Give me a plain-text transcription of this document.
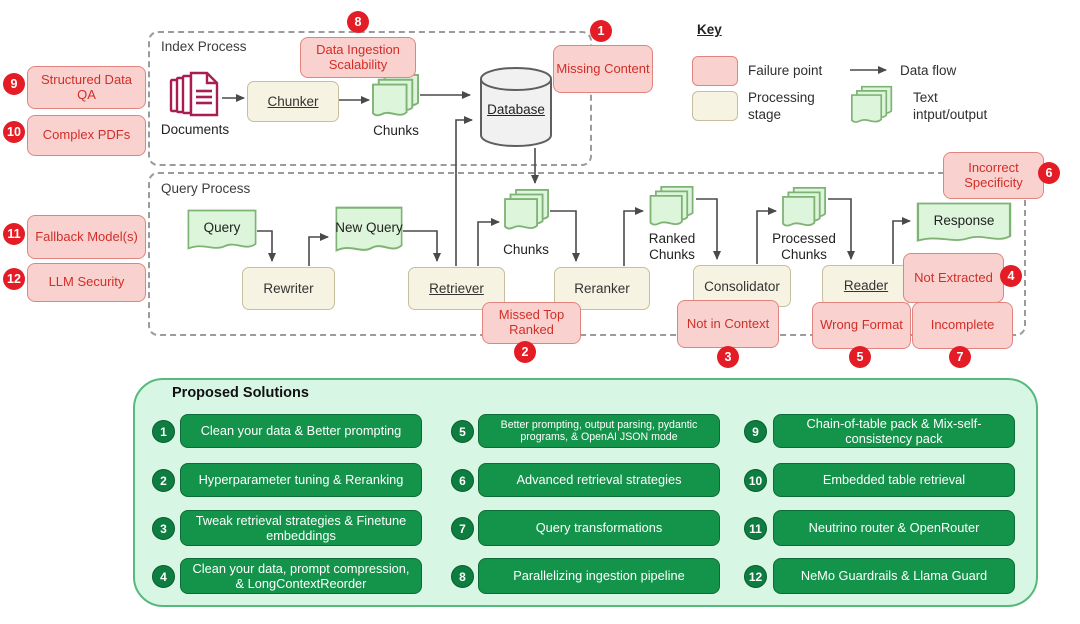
Index Process
Query Process
Documents
Chunker
Chunks
Database
Key
Failure point	Data flow
Processing stage
Text intput/output
Query
Rewriter
New Query
Retriever
Chunks
Reranker
Ranked Chunks
Consolidator
Processed Chunks
Reader
Response
Missing Content
1
Data Ingestion Scalability
8
Structured Data QA
9
Complex PDFs
10
Fallback Model(s)
11
LLM Security
12
Missed Top Ranked
2
Not in Context
3
Not Extracted	4
Wrong Format
5
Incorrect Specificity
6
Incomplete
7
Proposed Solutions
1	Clean your data & Better prompting
2	Hyperparameter tuning & Reranking
3
Tweak retrieval strategies & Finetune embeddings
4
Clean your data, prompt compression, & LongContextReorder
5	Better prompting, output parsing, pydantic programs, & OpenAI JSON mode
6	Advanced retrieval strategies
7	Query transformations
8	Parallelizing ingestion pipeline
9
Chain-of-table pack & Mix-self-consistency pack
10	Embedded table retrieval
11	Neutrino router & OpenRouter
12	NeMo Guardrails & Llama Guard
